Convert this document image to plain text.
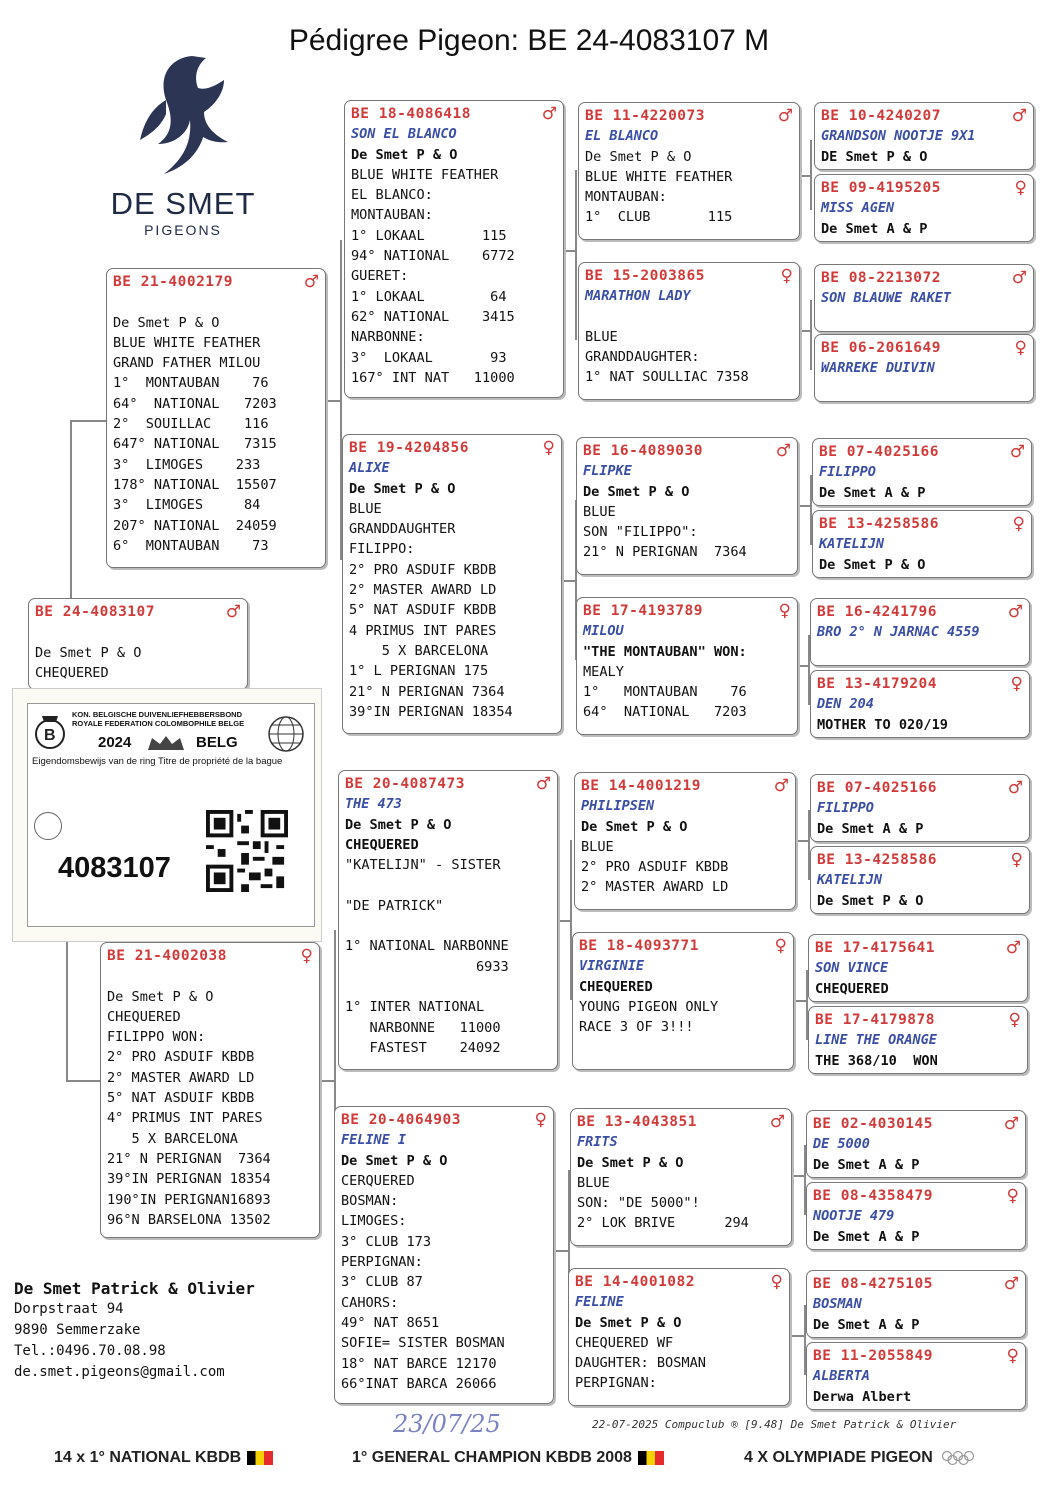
Pédigree Pigeon: BE 24-4083107 M
DE SMET
PIGEONS
BE 24-4083107	♂

De Smet P & O
CHEQUERED
BE 21-4002179	♂

De Smet P & O
BLUE WHITE FEATHER
GRAND FATHER MILOU
1°  MONTAUBAN    76
64°  NATIONAL   7203
2°  SOUILLAC    116
647° NATIONAL   7315
3°  LIMOGES    233
178° NATIONAL  15507
3°  LIMOGES     84
207° NATIONAL  24059
6°  MONTAUBAN    73
BE 21-4002038	♀

De Smet P & O
CHEQUERED
FILIPPO WON:
2° PRO ASDUIF KBDB
2° MASTER AWARD LD
5° NAT ASDUIF KBDB
4° PRIMUS INT PARES
5 X BARCELONA
21° N PERIGNAN  7364
39°IN PERIGNAN 18354
190°IN PERIGNAN16893
96°N BARSELONA 13502
BE 18-4086418	♂
SON EL BLANCO
De Smet P & O
BLUE WHITE FEATHER
EL BLANCO:
MONTAUBAN:
1° LOKAAL       115
94° NATIONAL    6772
GUERET:
1° LOKAAL        64
62° NATIONAL    3415
NARBONNE:
3°  LOKAAL       93
167° INT NAT   11000
BE 19-4204856	♀
ALIXE
De Smet P & O
BLUE
GRANDDAUGHTER
FILIPPO:
2° PRO ASDUIF KBDB
2° MASTER AWARD LD
5° NAT ASDUIF KBDB
4 PRIMUS INT PARES
5 X BARCELONA
1° L PERIGNAN 175
21° N PERIGNAN 7364
39°IN PERIGNAN 18354
BE 20-4087473	♂
THE 473
De Smet P & O
CHEQUERED
"KATELIJN" - SISTER

"DE PATRICK"

1° NATIONAL NARBONNE
6933

1° INTER NATIONAL
NARBONNE   11000
FASTEST    24092
BE 20-4064903	♀
FELINE I
De Smet P & O
CERQUERED
BOSMAN:
LIMOGES:
3° CLUB 173
PERPIGNAN:
3° CLUB 87
CAHORS:
49° NAT 8651
SOFIE= SISTER BOSMAN
18° NAT BARCE 12170
66°INAT BARCA 26066
BE 11-4220073	♂
EL BLANCO
De Smet P & O
BLUE WHITE FEATHER
MONTAUBAN:
1°  CLUB       115
BE 15-2003865	♀
MARATHON LADY

BLUE
GRANDDAUGHTER:
1° NAT SOULLIAC 7358
BE 16-4089030	♂
FLIPKE
De Smet P & O
BLUE
SON "FILIPPO":
21° N PERIGNAN  7364
BE 17-4193789	♀
MILOU
"THE MONTAUBAN" WON:
MEALY
1°   MONTAUBAN    76
64°  NATIONAL   7203
BE 14-4001219	♂
PHILIPSEN
De Smet P & O
BLUE
2° PRO ASDUIF KBDB
2° MASTER AWARD LD
BE 18-4093771	♀
VIRGINIE
CHEQUERED
YOUNG PIGEON ONLY
RACE 3 OF 3!!!
BE 13-4043851	♂
FRITS
De Smet P & O
BLUE
SON: "DE 5000"!
2° LOK BRIVE      294
BE 14-4001082	♀
FELINE
De Smet P & O
CHEQUERED WF
DAUGHTER: BOSMAN
PERPIGNAN:
BE 10-4240207	♂
GRANDSON NOOTJE 9X1
DE Smet P & O
BE 09-4195205	♀
MISS AGEN
De Smet A & P
BE 08-2213072	♂
SON BLAUWE RAKET
BE 06-2061649	♀
WARREKE DUIVIN
BE 07-4025166	♂
FILIPPO
De Smet A & P
BE 13-4258586	♀
KATELIJN
De Smet P & O
BE 16-4241796	♂
BRO 2° N JARNAC 4559
BE 13-4179204	♀
DEN 204
MOTHER TO 020/19
BE 07-4025166	♂
FILIPPO
De Smet A & P
BE 13-4258586	♀
KATELIJN
De Smet P & O
BE 17-4175641	♂
SON VINCE
CHEQUERED
BE 17-4179878	♀
LINE THE ORANGE
THE 368/10  WON
BE 02-4030145	♂
DE 5000
De Smet A & P
BE 08-4358479	♀
NOOTJE 479
De Smet A & P
BE 08-4275105	♂
BOSMAN
De Smet A & P
BE 11-2055849	♀
ALBERTA
Derwa Albert
B
KON. BELGISCHE DUIVENLIEFHEBBERSBOND
ROYALE FEDERATION COLOMBOPHILE BELGE
2024	BELG
Eigendomsbewijs van de ring Titre de propriété de la bague
4083107
De Smet Patrick & Olivier
Dorpstraat 94
9890 Semmerzake
Tel.:0496.70.08.98
de.smet.pigeons@gmail.com
23/07/25	22-07-2025 Compuclub ® [9.48] De Smet Patrick & Olivier
14 x 1° NATIONAL KBDB	1° GENERAL CHAMPION KBDB 2008	4 X OLYMPIADE PIGEON
